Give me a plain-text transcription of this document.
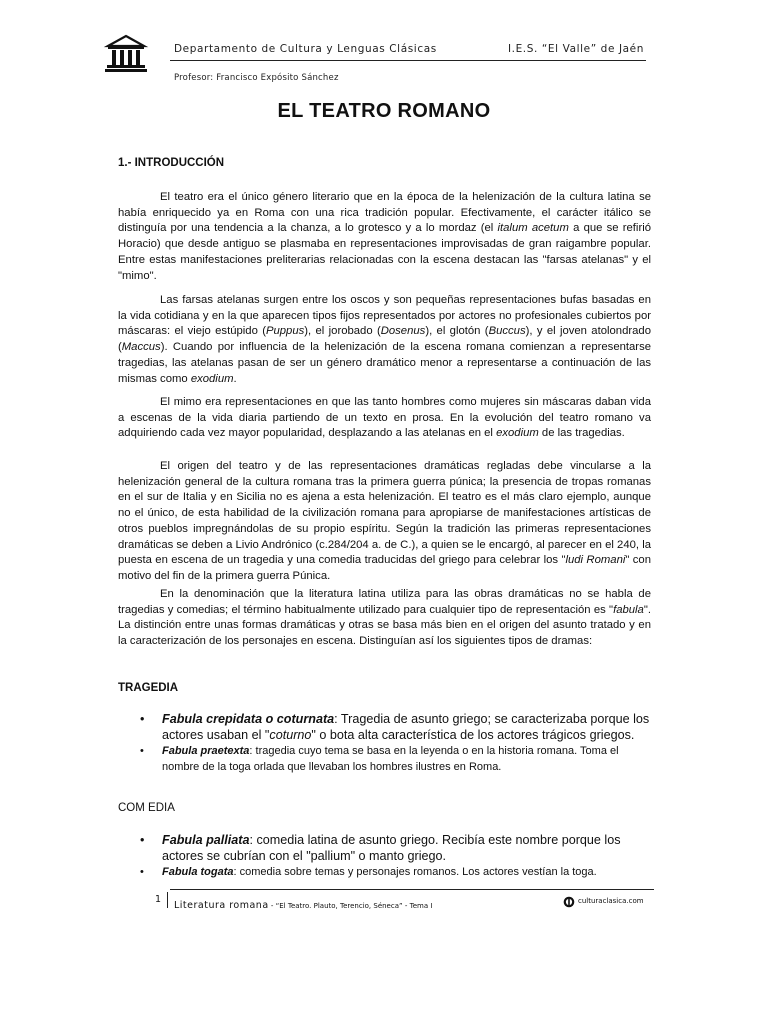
Departamento de Cultura y Lenguas Clásicas	I.E.S. “El Valle” de Jaén
Profesor: Francisco Expósito Sánchez
EL TEATRO ROMANO
1.- INTRODUCCIÓN

El teatro era el único género literario que en la época de la helenización de la cultura latina se había enriquecido ya en Roma con una rica tradición popular. Efectivamente, el carácter itálico se distinguía por una tendencia a la chanza, a lo grotesco y a lo mordaz (el italum acetum a que se refirió Horacio) que desde antiguo se plasmaba en representaciones improvisadas de gran raigambre popular. Entre estas manifestaciones preliterarias relacionadas con la escena destacan las "farsas atelanas" y el "mimo".

Las farsas atelanas surgen entre los oscos y son pequeñas representaciones bufas basadas en la vida cotidiana y en la que aparecen tipos fijos representados por actores no profesionales cubiertos por máscaras: el viejo estúpido (Puppus), el jorobado (Dosenus), el glotón (Buccus), y el joven atolondrado (Maccus). Cuando por influencia de la helenización de la escena romana comienzan a representarse tragedias, las atelanas pasan de ser un género dramático menor a representarse a continuación de las mismas como exodium.

El mimo era representaciones en que las tanto hombres como mujeres sin máscaras daban vida a escenas de la vida diaria partiendo de un texto en prosa. En la evolución del teatro romano va adquiriendo cada vez mayor popularidad, desplazando a las atelanas en el exodium de las tragedias.

El origen del teatro y de las representaciones dramáticas regladas debe vincularse a la helenización general de la cultura romana tras la primera guerra púnica; la presencia de tropas romanas en el sur de Italia y en Sicilia no es ajena a esta helenización. El teatro es el más claro ejemplo, aunque no el único, de esta habilidad de la civilización romana para apropiarse de manifestaciones artísticas de otros pueblos impregnándolas de su propio espíritu. Según la tradición las primeras representaciones dramáticas se deben a Livio Andrónico (c.284/204 a. de C.), a quien se le encargó, al parecer en el 240, la puesta en escena de un tragedia y una comedia traducidas del griego para celebrar los "ludi Romani" con motivo del fin de la primera guerra Púnica.

En la denominación que la literatura latina utiliza para las obras dramáticas no se habla de tragedias y comedias; el término habitualmente utilizado para cualquier tipo de representación es "fabula". La distinción entre unas formas dramáticas y otras se basa más bien en el origen del asunto tratado y en la caracterización de los personajes en escena. Distinguían así los siguientes tipos de dramas:

TRAGEDIA
• Fabula crepidata o coturnata: Tragedia de asunto griego; se caracterizaba porque los actores usaban el "coturno" o bota alta característica de los actores trágicos griegos.
• Fabula praetexta: tragedia cuyo tema se basa en la leyenda o en la historia romana. Toma el nombre de la toga orlada que llevaban los hombres ilustres en Roma.
COM EDIA
• Fabula palliata: comedia latina de asunto griego. Recibía este nombre porque los actores se cubrían con el "pallium" o manto griego.
• Fabula togata: comedia sobre temas y personajes romanos. Los actores vestían la toga.
1
Literatura romana - “El Teatro. Plauto, Terencio, Séneca” - Tema I
culturaclasica.com
